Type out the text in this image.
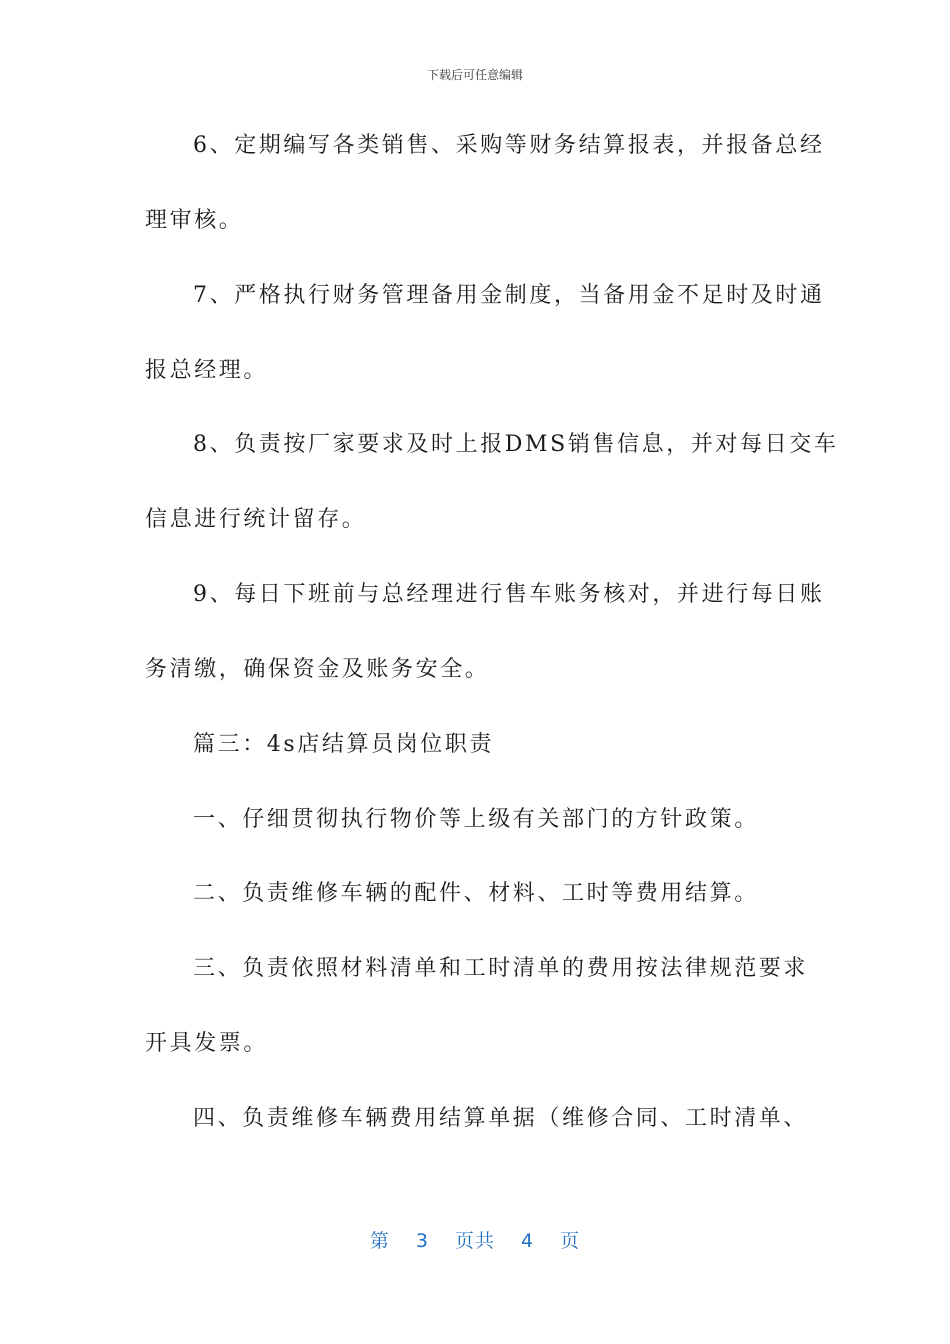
下载后可任意编辑
6、定期编写各类销售、采购等财务结算报表，并报备总经
理审核。
7、严格执行财务管理备用金制度，当备用金不足时及时通
报总经理。
8、负责按厂家要求及时上报DMS销售信息，并对每日交车
信息进行统计留存。
9、每日下班前与总经理进行售车账务核对，并进行每日账
务清缴，确保资金及账务安全。
篇三：4s店结算员岗位职责
一、仔细贯彻执行物价等上级有关部门的方针政策。
二、负责维修车辆的配件、材料、工时等费用结算。
三、负责依照材料清单和工时清单的费用按法律规范要求
开具发票。
四、负责维修车辆费用结算单据（维修合同、工时清单、
第 3 页共 4 页
